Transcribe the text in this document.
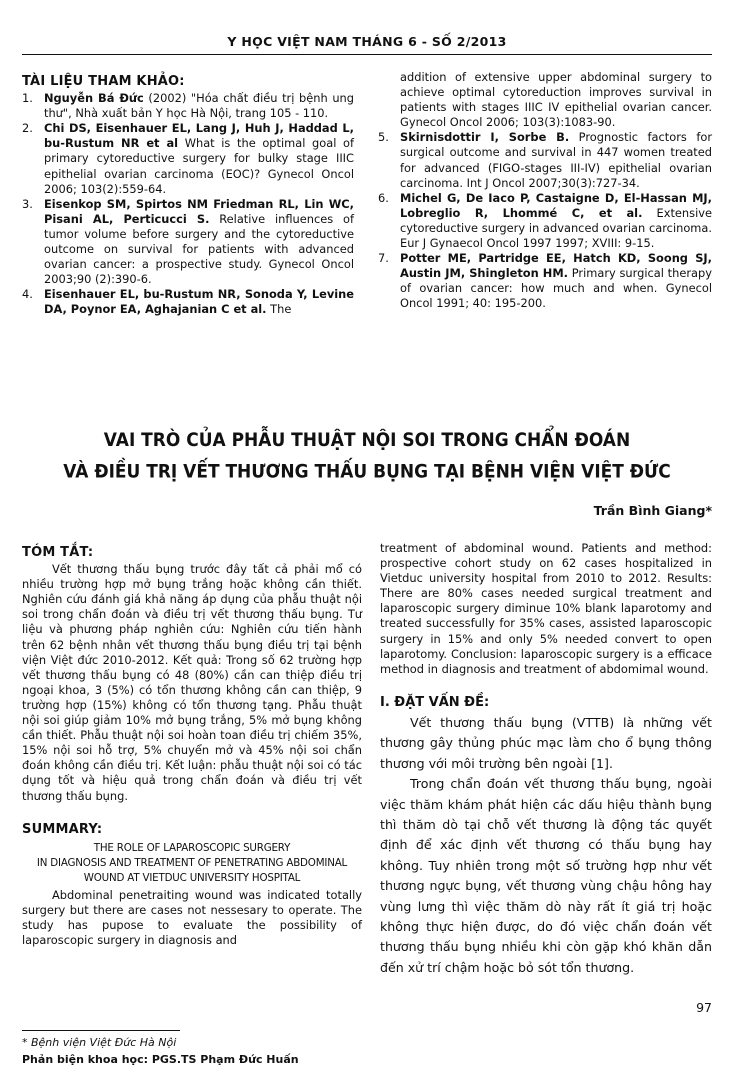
Y HỌC VIỆT NAM THÁNG 6 - SỐ 2/2013
TÀI LIỆU THAM KHẢO:
1. Nguyễn Bá Đức (2002) "Hóa chất điều trị bệnh ung thư", Nhà xuất bản Y học Hà Nội, trang 105 - 110.
2. Chi DS, Eisenhauer EL, Lang J, Huh J, Haddad L, bu-Rustum NR et al What is the optimal goal of primary cytoreductive surgery for bulky stage IIIC epithelial ovarian carcinoma (EOC)? Gynecol Oncol 2006; 103(2):559-64.
3. Eisenkop SM, Spirtos NM Friedman RL, Lin WC, Pisani AL, Perticucci S. Relative influences of tumor volume before surgery and the cytoreductive outcome on survival for patients with advanced ovarian cancer: a prospective study. Gynecol Oncol 2003;90 (2):390-6.
4. Eisenhauer EL, bu-Rustum NR, Sonoda Y, Levine DA, Poynor EA, Aghajanian C et al. The
addition of extensive upper abdominal surgery to achieve optimal cytoreduction improves survival in patients with stages IIIC IV epithelial ovarian cancer. Gynecol Oncol 2006; 103(3):1083-90.
5. Skirnisdottir I, Sorbe B. Prognostic factors for surgical outcome and survival in 447 women treated for advanced (FIGO-stages III-IV) epithelial ovarian carcinoma. Int J Oncol 2007;30(3):727-34.
6. Michel G, De Iaco P, Castaigne D, El-Hassan MJ, Lobreglio R, Lhommé C, et al. Extensive cytoreductive surgery in advanced ovarian carcinoma. Eur J Gynaecol Oncol 1997 1997; XVIII: 9-15.
7. Potter ME, Partridge EE, Hatch KD, Soong SJ, Austin JM, Shingleton HM. Primary surgical therapy of ovarian cancer: how much and when. Gynecol Oncol 1991; 40: 195-200.
VAI TRÒ CỦA PHẪU THUẬT NỘI SOI TRONG CHẨN ĐOÁN
VÀ ĐIỀU TRỊ VẾT THƯƠNG THẤU BỤNG TẠI BỆNH VIỆN VIỆT ĐỨC
Trần Bình Giang*
TÓM TẮT:

Vết thương thấu bụng trước đây tất cả phải mổ có nhiều trường hợp mở bụng trắng hoặc không cần thiết. Nghiên cứu đánh giá khả năng áp dụng của phẫu thuật nội soi trong chẩn đoán và điều trị vết thương thấu bụng. Tư liệu và phương pháp nghiên cứu: Nghiên cứu tiến hành trên 62 bệnh nhân vết thương thấu bụng điều trị tại bệnh viện Việt đức 2010-2012. Kết quả: Trong số 62 trường hợp vết thương thấu bụng có 48 (80%) cần can thiệp điều trị ngoại khoa, 3 (5%) có tổn thương không cần can thiệp, 9 trường hợp (15%) không có tổn thương tạng. Phẫu thuật nội soi giúp giảm 10% mở bụng trắng, 5% mở bụng không cần thiết. Phẫu thuật nội soi hoàn toan điều trị chiếm 35%, 15% nội soi hỗ trợ, 5% chuyển mở và 45% nội soi chẩn đoán không cần điều trị. Kết luận: phẫu thuật nội soi có tác dụng tốt và hiệu quả trong chẩn đoán và điều trị vết thương thấu bụng.

SUMMARY:
THE ROLE OF LAPAROSCOPIC SURGERY
IN DIAGNOSIS AND TREATMENT OF PENETRATING ABDOMINAL
WOUND AT VIETDUC UNIVERSITY HOSPITAL

Abdominal penetraiting wound was indicated totally surgery but there are cases not nessesary to operate. The study has pupose to evaluate the possibility of laparoscopic surgery in diagnosis and

treatment of abdominal wound. Patients and method: prospective cohort study on 62 cases hospitalized in Vietduc university hospital from 2010 to 2012. Results: There are 80% cases needed surgical treatment and laparoscopic surgery diminue 10% blank laparotomy and treated successfully for 35% cases, assisted laparoscopic surgery in 15% and only 5% needed convert to open laparotomy. Conclusion: laparoscopic surgery is a efficace method in diagnosis and treatment of abdomimal wound.

I. ĐẶT VẤN ĐỀ:

Vết thương thấu bụng (VTTB) là những vết thương gây thủng phúc mạc làm cho ổ bụng thông thương với môi trường bên ngoài [1].

Trong chẩn đoán vết thương thấu bụng, ngoài việc thăm khám phát hiện các dấu hiệu thành bụng thì thăm dò tại chỗ vết thương là động tác quyết định để xác định vết thương có thấu bụng hay không. Tuy nhiên trong một số trường hợp như vết thương ngực bụng, vết thương vùng chậu hông hay vùng lưng thì việc thăm dò này rất ít giá trị hoặc không thực hiện được, do đó việc chẩn đoán vết thương thấu bụng nhiều khi còn gặp khó khăn dẫn đến xử trí chậm hoặc bỏ sót tổn thương.

97
* Bệnh viện Việt Đức Hà Nội
Phản biện khoa học: PGS.TS Phạm Đức Huấn
